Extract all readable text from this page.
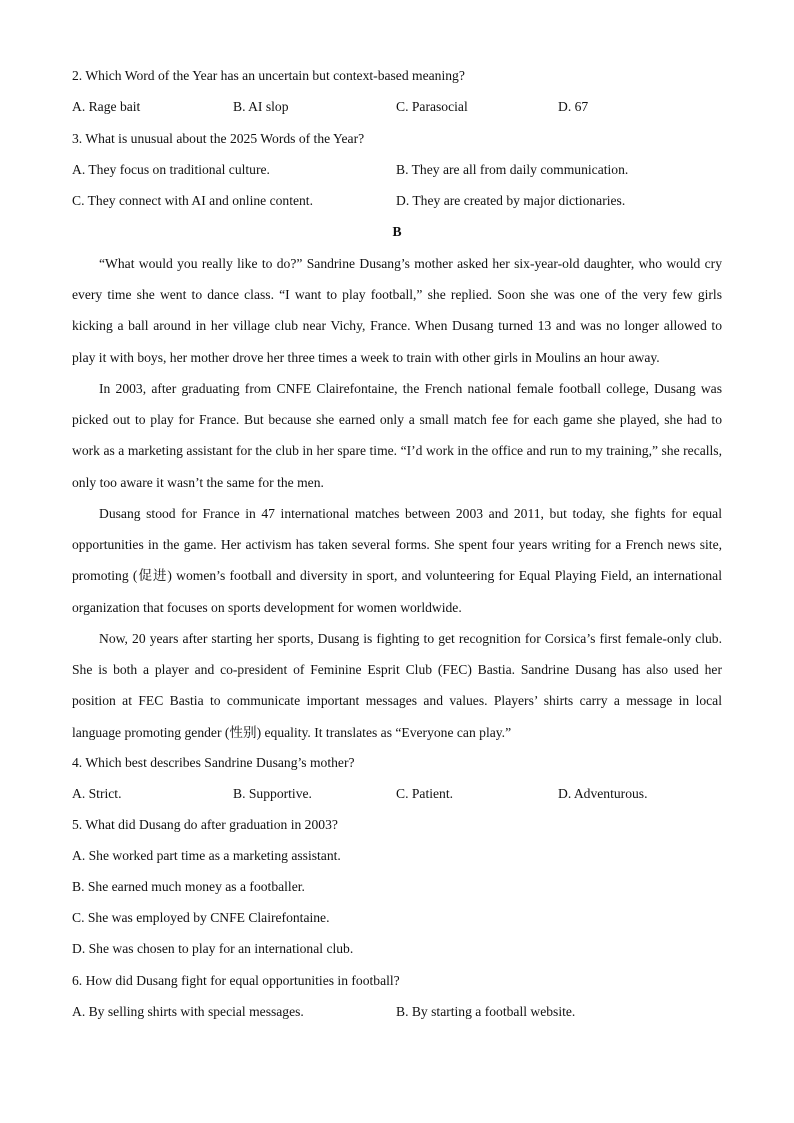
2. Which Word of the Year has an uncertain but context-based meaning?
A. Rage bait	B. AI slop	C. Parasocial	D. 67
3. What is unusual about the 2025 Words of the Year?
A. They focus on traditional culture.	B. They are all from daily communication.
C. They connect with AI and online content.	D. They are created by major dictionaries.
B
“What would you really like to do?” Sandrine Dusang’s mother asked her six-year-old daughter, who would cry every time she went to dance class. “I want to play football,” she replied. Soon she was one of the very few girls kicking a ball around in her village club near Vichy, France. When Dusang turned 13 and was no longer allowed to play it with boys, her mother drove her three times a week to train with other girls in Moulins an hour away.
In 2003, after graduating from CNFE Clairefontaine, the French national female football college, Dusang was picked out to play for France. But because she earned only a small match fee for each game she played, she had to work as a marketing assistant for the club in her spare time. “I’d work in the office and run to my training,” she recalls, only too aware it wasn’t the same for the men.
Dusang stood for France in 47 international matches between 2003 and 2011, but today, she fights for equal opportunities in the game. Her activism has taken several forms. She spent four years writing for a French news site, promoting (促进) women’s football and diversity in sport, and volunteering for Equal Playing Field, an international organization that focuses on sports development for women worldwide.
Now, 20 years after starting her sports, Dusang is fighting to get recognition for Corsica’s first female-only club. She is both a player and co-president of Feminine Esprit Club (FEC) Bastia. Sandrine Dusang has also used her position at FEC Bastia to communicate important messages and values. Players’ shirts carry a message in local language promoting gender (性别) equality. It translates as “Everyone can play.”
4. Which best describes Sandrine Dusang’s mother?
A. Strict.	B. Supportive.	C. Patient.	D. Adventurous.
5. What did Dusang do after graduation in 2003?
A. She worked part time as a marketing assistant.
B. She earned much money as a footballer.
C. She was employed by CNFE Clairefontaine.
D. She was chosen to play for an international club.
6. How did Dusang fight for equal opportunities in football?
A. By selling shirts with special messages.	B. By starting a football website.
